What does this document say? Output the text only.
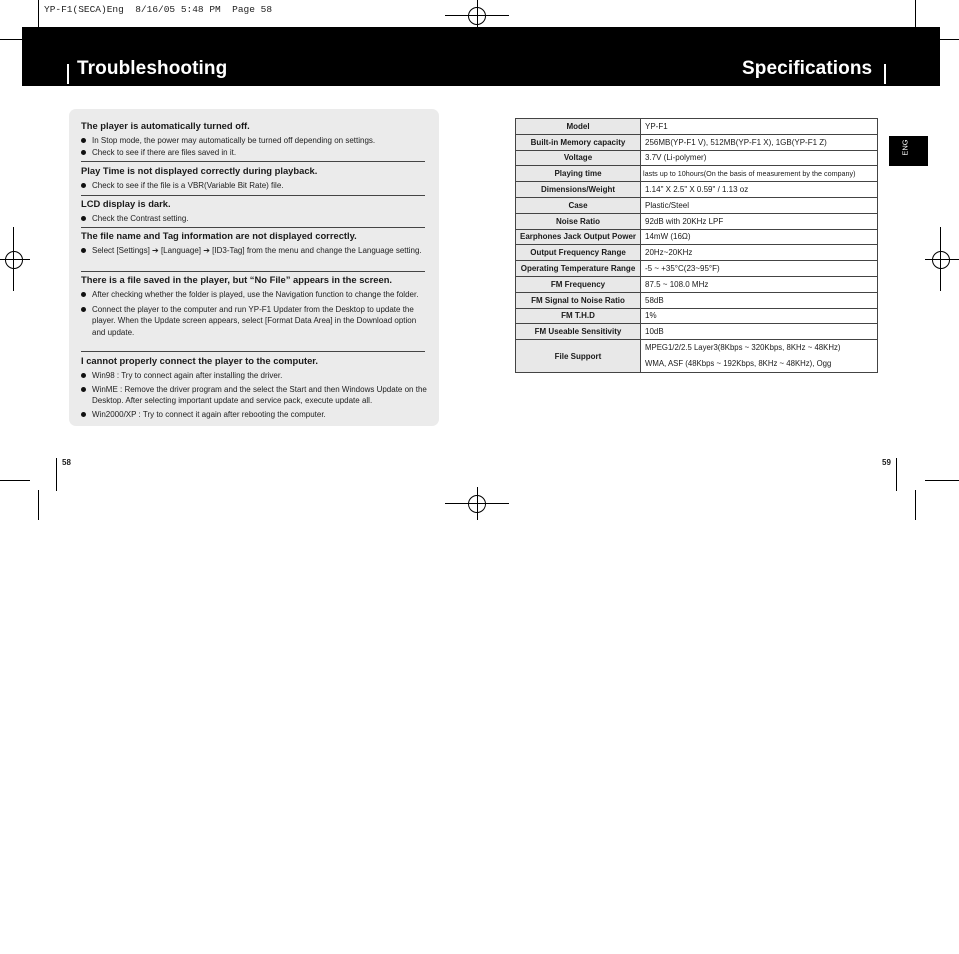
YP-F1(SECA)Eng  8/16/05 5:48 PM  Page 58
Troubleshooting	Specifications
The player is automatically turned off.
In Stop mode, the power may automatically be turned off depending on settings.
Check to see if there are files saved in it.
Play Time is not displayed correctly during playback.
Check to see if the file is a VBR(Variable Bit Rate) file.
LCD display is dark.
Check the Contrast setting.
The file name and Tag information are not displayed correctly.
Select [Settings] ➔ [Language] ➔ [ID3-Tag] from the menu and change the Language setting.
There is a file saved in the player, but “No File” appears in the screen.
After checking whether the folder is played, use the Navigation function to change the folder.
Connect the player to the computer and run YP-F1 Updater from the Desktop to update the player. When the Update screen appears, select [Format Data Area] in the Download option and update.
I cannot properly connect the player to the computer.
Win98 : Try to connect again after installing the driver.
WinME : Remove the driver program and the select the Start and then Windows Update on the Desktop. After selecting important update and service pack, execute update all.
Win2000/XP : Try to connect it again after rebooting the computer.
58
Model	YP-F1
Built-in Memory capacity	256MB(YP-F1 V), 512MB(YP-F1 X), 1GB(YP-F1 Z)
Voltage	3.7V (Li-polymer)
Playing time	lasts up to 10hours(On the basis of measurement by the company)
Dimensions/Weight	1.14" X 2.5" X 0.59" / 1.13 oz
Case	Plastic/Steel
Noise Ratio	92dB with 20KHz LPF
Earphones Jack Output Power	14mW (16Ω)
Output Frequency Range	20Hz~20KHz
Operating Temperature Range	-5 ~ +35°C(23~95°F)
FM Frequency	87.5 ~ 108.0 MHz
FM Signal to Noise Ratio	58dB
FM T.H.D	1%
FM Useable Sensitivity	10dB
File Support	MPEG1/2/2.5 Layer3(8Kbps ~ 320Kbps, 8KHz ~ 48KHz)
WMA, ASF (48Kbps ~ 192Kbps, 8KHz ~ 48KHz), Ogg
ENG
59
